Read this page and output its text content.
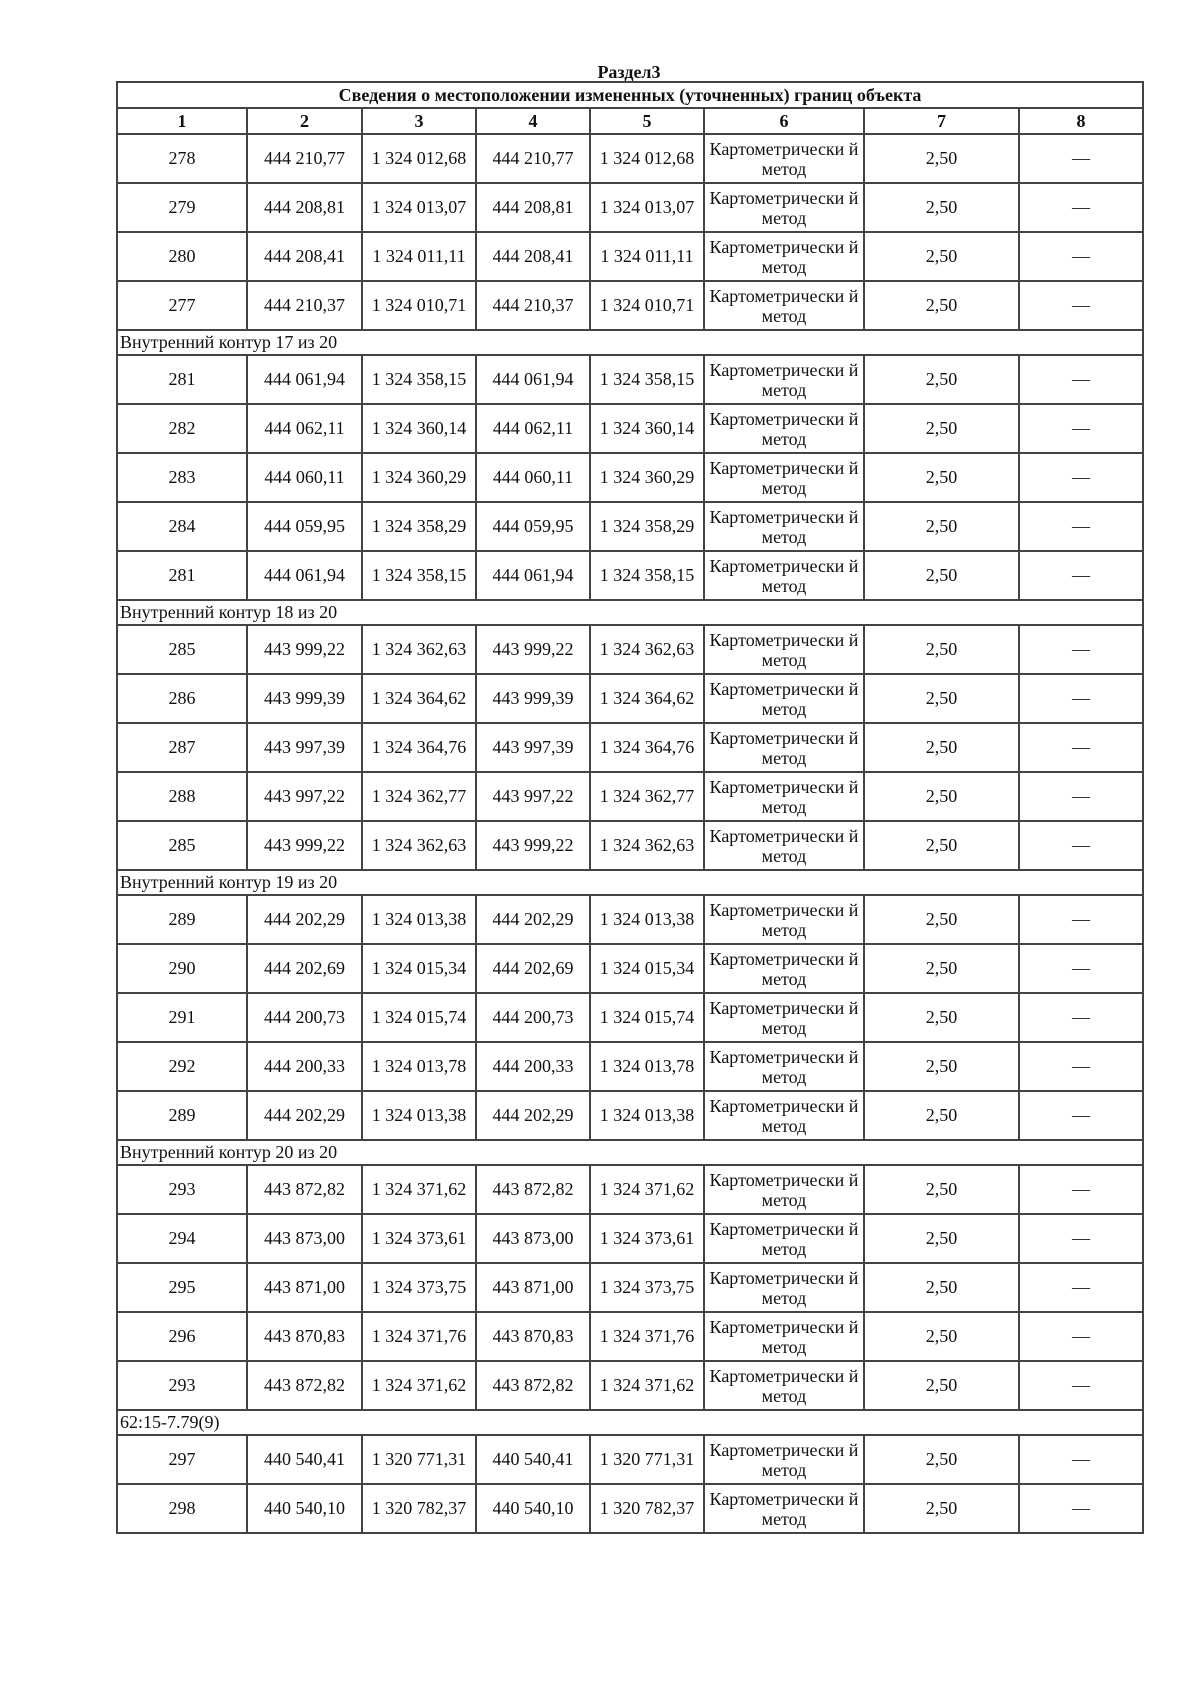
Раздел3
Сведения о местоположении измененных (уточненных) границ объекта							
1	2	3	4	5	6	7	8
278	444 210,77	1 324 012,68	444 210,77	1 324 012,68	Картометрически й метод	2,50	—
279	444 208,81	1 324 013,07	444 208,81	1 324 013,07	Картометрически й метод	2,50	—
280	444 208,41	1 324 011,11	444 208,41	1 324 011,11	Картометрически й метод	2,50	—
277	444 210,37	1 324 010,71	444 210,37	1 324 010,71	Картометрически й метод	2,50	—
Внутренний контур 17 из 20							
281	444 061,94	1 324 358,15	444 061,94	1 324 358,15	Картометрически й метод	2,50	—
282	444 062,11	1 324 360,14	444 062,11	1 324 360,14	Картометрически й метод	2,50	—
283	444 060,11	1 324 360,29	444 060,11	1 324 360,29	Картометрически й метод	2,50	—
284	444 059,95	1 324 358,29	444 059,95	1 324 358,29	Картометрически й метод	2,50	—
281	444 061,94	1 324 358,15	444 061,94	1 324 358,15	Картометрически й метод	2,50	—
Внутренний контур 18 из 20							
285	443 999,22	1 324 362,63	443 999,22	1 324 362,63	Картометрически й метод	2,50	—
286	443 999,39	1 324 364,62	443 999,39	1 324 364,62	Картометрически й метод	2,50	—
287	443 997,39	1 324 364,76	443 997,39	1 324 364,76	Картометрически й метод	2,50	—
288	443 997,22	1 324 362,77	443 997,22	1 324 362,77	Картометрически й метод	2,50	—
285	443 999,22	1 324 362,63	443 999,22	1 324 362,63	Картометрически й метод	2,50	—
Внутренний контур 19 из 20							
289	444 202,29	1 324 013,38	444 202,29	1 324 013,38	Картометрически й метод	2,50	—
290	444 202,69	1 324 015,34	444 202,69	1 324 015,34	Картометрически й метод	2,50	—
291	444 200,73	1 324 015,74	444 200,73	1 324 015,74	Картометрически й метод	2,50	—
292	444 200,33	1 324 013,78	444 200,33	1 324 013,78	Картометрически й метод	2,50	—
289	444 202,29	1 324 013,38	444 202,29	1 324 013,38	Картометрически й метод	2,50	—
Внутренний контур 20 из 20							
293	443 872,82	1 324 371,62	443 872,82	1 324 371,62	Картометрически й метод	2,50	—
294	443 873,00	1 324 373,61	443 873,00	1 324 373,61	Картометрически й метод	2,50	—
295	443 871,00	1 324 373,75	443 871,00	1 324 373,75	Картометрически й метод	2,50	—
296	443 870,83	1 324 371,76	443 870,83	1 324 371,76	Картометрически й метод	2,50	—
293	443 872,82	1 324 371,62	443 872,82	1 324 371,62	Картометрически й метод	2,50	—
62:15-7.79(9)							
297	440 540,41	1 320 771,31	440 540,41	1 320 771,31	Картометрически й метод	2,50	—
298	440 540,10	1 320 782,37	440 540,10	1 320 782,37	Картометрически й метод	2,50	—
